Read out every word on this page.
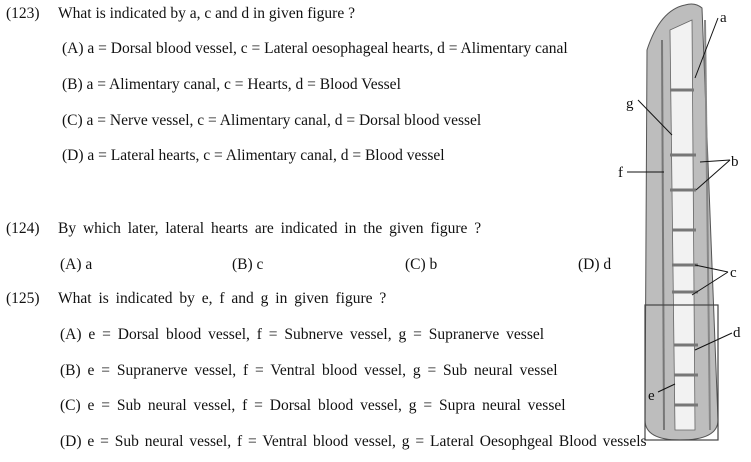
a
g
b
f
c
d
e
(123) What is indicated by a, c and d in given figure ?
(A) a = Dorsal blood vessel, c = Lateral oesophageal hearts, d = Alimentary canal
(B) a = Alimentary canal, c = Hearts, d = Blood Vessel
(C) a = Nerve vessel, c = Alimentary canal, d = Dorsal blood vessel
(D) a = Lateral hearts, c = Alimentary canal, d = Blood vessel
(124) By which later, lateral hearts are indicated in the given figure ?
(A) a	(B) c	(C) b	(D) d
(125) What is indicated by e, f and g in given figure ?
(A) e = Dorsal blood vessel, f = Subnerve vessel, g = Supranerve vessel
(B) e = Supranerve vessel, f = Ventral blood vessel, g = Sub neural vessel
(C) e = Sub neural vessel, f = Dorsal blood vessel, g = Supra neural vessel
(D) e = Sub neural vessel, f = Ventral blood vessel, g = Lateral Oesophgeal Blood vessels
